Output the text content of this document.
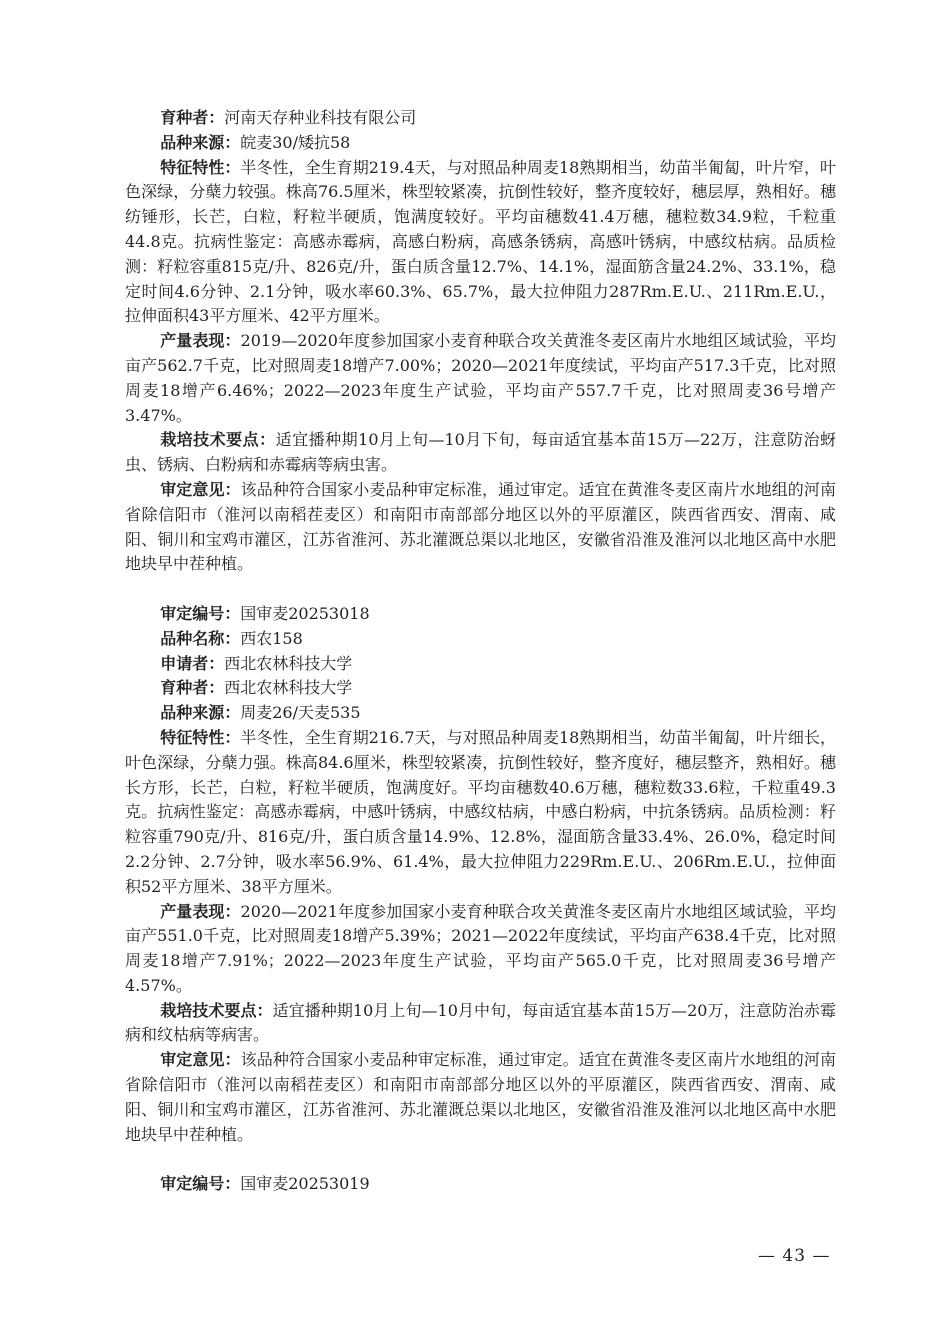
育种者：河南天存种业科技有限公司

品种来源：皖麦30/矮抗58

特征特性：半冬性，全生育期219.4天，与对照品种周麦18熟期相当，幼苗半匍匐，叶片窄，叶色深绿，分蘖力较强。株高76.5厘米，株型较紧凑，抗倒性较好，整齐度较好，穗层厚，熟相好。穗纺锤形，长芒，白粒，籽粒半硬质，饱满度较好。平均亩穗数41.4万穗，穗粒数34.9粒，千粒重44.8克。抗病性鉴定：高感赤霉病，高感白粉病，高感条锈病，高感叶锈病，中感纹枯病。品质检测：籽粒容重815克/升、826克/升，蛋白质含量12.7%、14.1%，湿面筋含量24.2%、33.1%，稳定时间4.6分钟、2.1分钟，吸水率60.3%、65.7%，最大拉伸阻力287Rm.E.U.、211Rm.E.U.，拉伸面积43平方厘米、42平方厘米。

产量表现：2019—2020年度参加国家小麦育种联合攻关黄淮冬麦区南片水地组区域试验，平均亩产562.7千克，比对照周麦18增产7.00%；2020—2021年度续试，平均亩产517.3千克，比对照周麦18增产6.46%；2022—2023年度生产试验，平均亩产557.7千克，比对照周麦36号增产3.47%。

栽培技术要点：适宜播种期10月上旬—10月下旬，每亩适宜基本苗15万—22万，注意防治蚜虫、锈病、白粉病和赤霉病等病虫害。

审定意见：该品种符合国家小麦品种审定标准，通过审定。适宜在黄淮冬麦区南片水地组的河南省除信阳市（淮河以南稻茬麦区）和南阳市南部部分地区以外的平原灌区，陕西省西安、渭南、咸阳、铜川和宝鸡市灌区，江苏省淮河、苏北灌溉总渠以北地区，安徽省沿淮及淮河以北地区高中水肥地块早中茬种植。

审定编号：国审麦20253018

品种名称：西农158

申请者：西北农林科技大学

育种者：西北农林科技大学

品种来源：周麦26/天麦535

特征特性：半冬性，全生育期216.7天，与对照品种周麦18熟期相当，幼苗半匍匐，叶片细长，叶色深绿，分蘖力强。株高84.6厘米，株型较紧凑，抗倒性较好，整齐度好，穗层整齐，熟相好。穗长方形，长芒，白粒，籽粒半硬质，饱满度好。平均亩穗数40.6万穗，穗粒数33.6粒，千粒重49.3克。抗病性鉴定：高感赤霉病，中感叶锈病，中感纹枯病，中感白粉病，中抗条锈病。品质检测：籽粒容重790克/升、816克/升，蛋白质含量14.9%、12.8%，湿面筋含量33.4%、26.0%，稳定时间2.2分钟、2.7分钟，吸水率56.9%、61.4%，最大拉伸阻力229Rm.E.U.、206Rm.E.U.，拉伸面积52平方厘米、38平方厘米。

产量表现：2020—2021年度参加国家小麦育种联合攻关黄淮冬麦区南片水地组区域试验，平均亩产551.0千克，比对照周麦18增产5.39%；2021—2022年度续试，平均亩产638.4千克，比对照周麦18增产7.91%；2022—2023年度生产试验，平均亩产565.0千克，比对照周麦36号增产4.57%。

栽培技术要点：适宜播种期10月上旬—10月中旬，每亩适宜基本苗15万—20万，注意防治赤霉病和纹枯病等病害。

审定意见：该品种符合国家小麦品种审定标准，通过审定。适宜在黄淮冬麦区南片水地组的河南省除信阳市（淮河以南稻茬麦区）和南阳市南部部分地区以外的平原灌区，陕西省西安、渭南、咸阳、铜川和宝鸡市灌区，江苏省淮河、苏北灌溉总渠以北地区，安徽省沿淮及淮河以北地区高中水肥地块早中茬种植。

审定编号：国审麦20253019

— 43 —
